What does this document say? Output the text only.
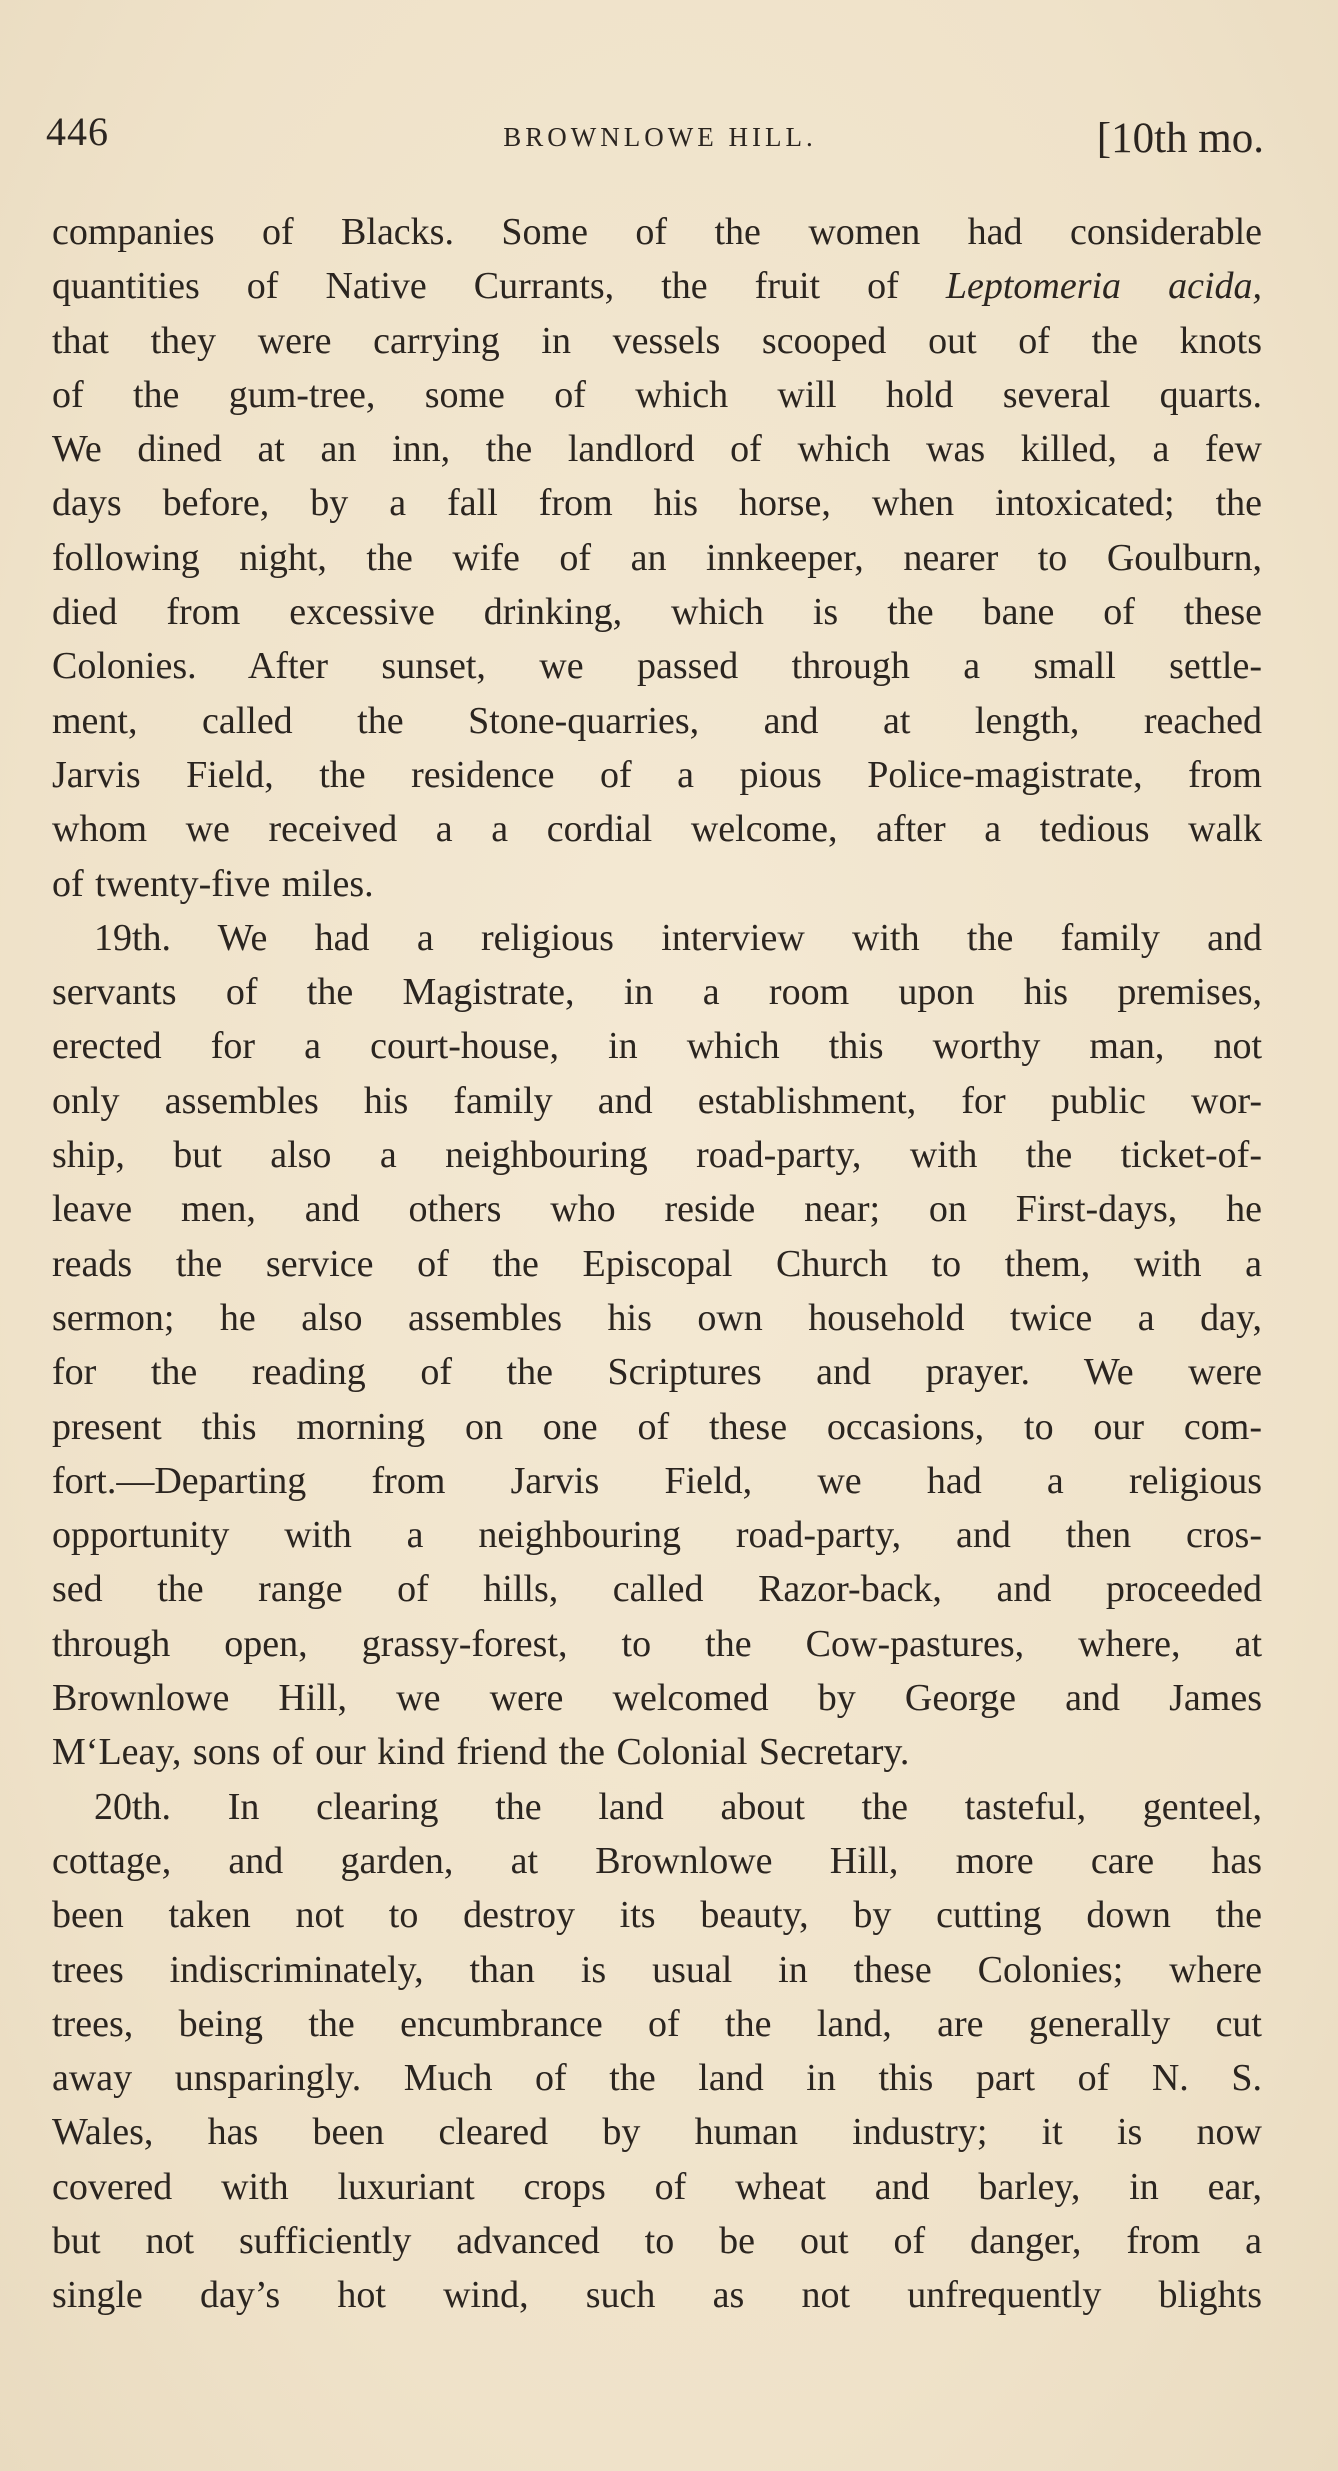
446	BROWNLOWE HILL.	[10th mo.
companies of Blacks. Some of the women had considerable
quantities of Native Currants, the fruit of Leptomeria acida,
that they were carrying in vessels scooped out of the knots
of the gum-tree, some of which will hold several quarts.
We dined at an inn, the landlord of which was killed, a few
days before, by a fall from his horse, when intoxicated; the
following night, the wife of an innkeeper, nearer to Goulburn,
died from excessive drinking, which is the bane of these
Colonies. After sunset, we passed through a small settle-
ment, called the Stone-quarries, and at length, reached
Jarvis Field, the residence of a pious Police-magistrate, from
whom we received a a cordial welcome, after a tedious walk
of twenty-five miles.
19th. We had a religious interview with the family and
servants of the Magistrate, in a room upon his premises,
erected for a court-house, in which this worthy man, not
only assembles his family and establishment, for public wor-
ship, but also a neighbouring road-party, with the ticket-of-
leave men, and others who reside near; on First-days, he
reads the service of the Episcopal Church to them, with a
sermon; he also assembles his own household twice a day,
for the reading of the Scriptures and prayer. We were
present this morning on one of these occasions, to our com-
fort.—Departing from Jarvis Field, we had a religious
opportunity with a neighbouring road-party, and then cros-
sed the range of hills, called Razor-back, and proceeded
through open, grassy-forest, to the Cow-pastures, where, at
Brownlowe Hill, we were welcomed by George and James
M‘Leay, sons of our kind friend the Colonial Secretary.
20th. In clearing the land about the tasteful, genteel,
cottage, and garden, at Brownlowe Hill, more care has
been taken not to destroy its beauty, by cutting down the
trees indiscriminately, than is usual in these Colonies; where
trees, being the encumbrance of the land, are generally cut
away unsparingly. Much of the land in this part of N. S.
Wales, has been cleared by human industry; it is now
covered with luxuriant crops of wheat and barley, in ear,
but not sufficiently advanced to be out of danger, from a
single day’s hot wind, such as not unfrequently blights
